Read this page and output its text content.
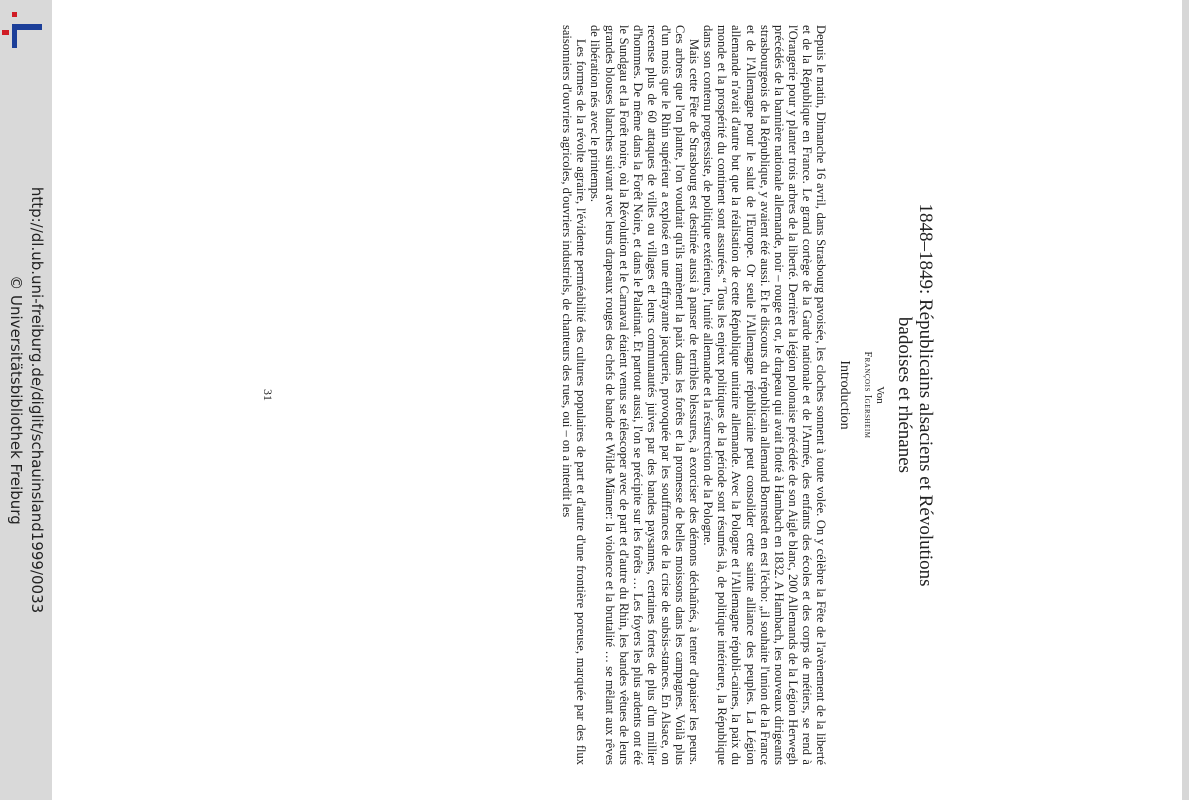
http://dl.ub.uni-freiburg.de/diglit/schauinsland1999/0033
© Universitätsbibliothek Freiburg	1848–1849: Républicains alsaciens et Révolutions
badoises et rhénanes
Von
François Igersheim
Introduction

Depuis le matin, Dimanche 16 avril, dans Strasbourg pavoisée, les cloches sonnent à toute volée. On y célèbre la Fête de l'avènement de la liberté et de la République en France. Le grand cortège de la Garde nationale et de l'Armée, des enfants des écoles et des corps de métiers, se rend à l'Orangerie pour y planter trois arbres de la liberté. Derrière la légion polonaise précédée de son Aigle blanc, 200 Allemands de la Légion Herwegh précédés de la bannière nationale allemande, noir – rouge et or, le drapeau qui avait flotté à Hambach en 1832. A Hambach, les nouveaux dirigeants strasbourgeois de la République, y avaient été aussi. Et le discours du républicain allemand Bornstedt en est l'écho: „il souhaite l'union de la France et de l'Allemagne pour le salut de l'Europe. Or seule l'Allemagne républicaine peut consolider cette sainte alliance des peuples. La Légion allemande n'avait d'autre but que la réalisation de cette République unitaire allemande. Avec la Pologne et l'Allemagne républi-caines, la paix du monde et la prospérité du continent sont assurées.“ Tous les enjeux politiques de la période sont résumés là, de politique intérieure, la République dans son contenu progressiste, de politique extérieure, l'unité allemande et la résurrection de la Pologne.

Mais cette Fête de Strasbourg est destinée aussi à panser de terribles blessures, à exorciser des démons déchaînés, à tenter d'apaiser les peurs. Ces arbres que l'on plante, l'on voudrait qu'ils ramènent la paix dans les forêts et la promesse de belles moissons dans les campagnes. Voilà plus d'un mois que le Rhin supérieur a explosé en une effrayante jacquerie, provoquée par les souffrances de la crise de subsis-stances. En Alsace, on recense plus de 60 attaques de villes ou villages et leurs communautés juives par des bandes paysannes, certaines fortes de plus d'un millier d'hommes. De même dans la Forêt Noire, et dans le Palatinat. Et partout aussi, l'on se précipite sur les forêts … Les foyers les plus ardents ont été le Sundgau et la Forêt noire, où la Révolution et le Carnaval étaient venus se télescoper avec de part et d'autre du Rhin, les bandes vêtues de leurs grandes blouses blanches suivant avec leurs drapeaux rouges des chefs de bande et Wilde Männer: la violence et la brutalité … se mêlant aux rêves de libération nés avec le printemps.

Les formes de la révolte agraire, l'évidente perméabilité des cultures populaires de part et d'autre d'une frontière poreuse, marquée par des flux saisonniers d'ouvriers agricoles, d'ouvriers industriels, de chanteurs des rues, oui – on a interdit les

31
